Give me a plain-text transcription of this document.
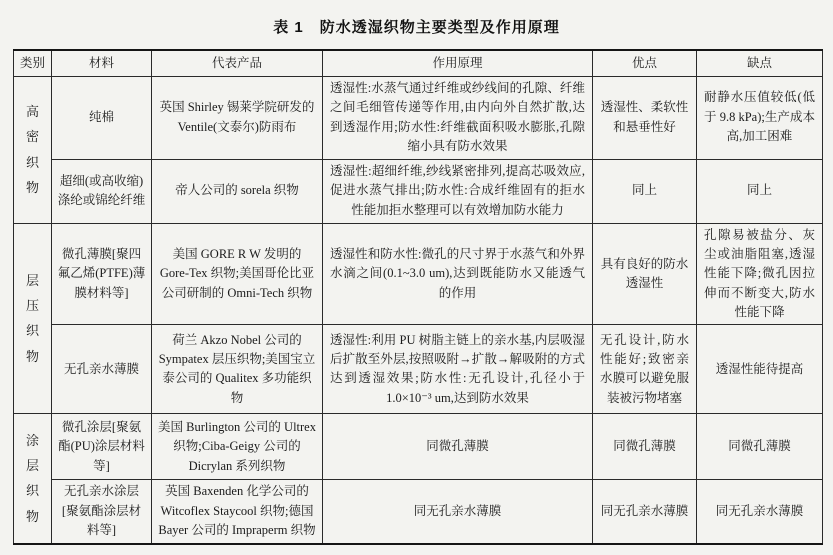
表 1　防水透湿织物主要类型及作用原理
类别	材料	代表产品	作用原理	优点	缺点

高密织物	纯棉	英国 Shirley 锡莱学院研发的 Ventile(文泰尔)防雨布	透湿性:水蒸气通过纤维或纱线间的孔隙、纤维之间毛细管传递等作用,由内向外自然扩散,达到透湿作用;防水性:纤维截面积吸水膨胀,孔隙缩小具有防水效果	透湿性、柔软性和悬垂性好	耐静水压值较低(低于 9.8 kPa);生产成本高,加工困难
	超细(或高收缩)涤纶或锦纶纤维	帝人公司的 sorela 织物	透湿性:超细纤维,纱线紧密排列,提高芯吸效应,促进水蒸气排出;防水性:合成纤维固有的拒水性能加拒水整理可以有效增加防水能力	同上	同上

层压织物	微孔薄膜[聚四氟乙烯(PTFE)薄膜材料等]	美国 GORE R W 发明的 Gore-Tex 织物;美国哥伦比亚公司研制的 Omni-Tech 织物	透湿性和防水性:微孔的尺寸界于水蒸气和外界水滴之间(0.1~3.0 um),达到既能防水又能透气的作用	具有良好的防水透湿性	孔隙易被盐分、灰尘或油脂阻塞,透湿性能下降;微孔因拉伸而不断变大,防水性能下降
	无孔亲水薄膜	荷兰 Akzo Nobel 公司的 Sympatex 层压织物;美国宝立泰公司的 Qualitex 多功能织物	透湿性:利用 PU 树脂主链上的亲水基,内层吸湿后扩散至外层,按照吸附→扩散→解吸附的方式达到透湿效果;防水性:无孔设计,孔径小于 1.0×10⁻³ um,达到防水效果	无孔设计,防水性能好;致密亲水膜可以避免服装被污物堵塞	透湿性能待提高

涂层织物	微孔涂层[聚氨酯(PU)涂层材料等]	美国 Burlington 公司的 Ultrex 织物;Ciba-Geigy 公司的 Dicrylan 系列织物	同微孔薄膜	同微孔薄膜	同微孔薄膜
	无孔亲水涂层[聚氨酯涂层材料等]	英国 Baxenden 化学公司的 Witcoflex Staycool 织物;德国 Bayer 公司的 Impraperm 织物	同无孔亲水薄膜	同无孔亲水薄膜	同无孔亲水薄膜
